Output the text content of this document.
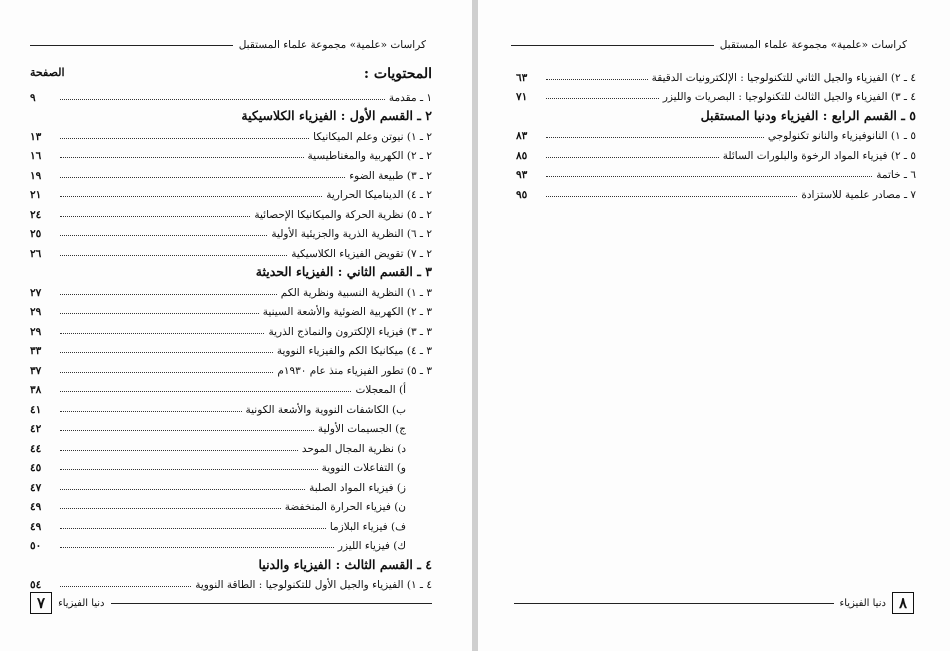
كراسات «علمية» مجموعة علماء المستقبل
المحتويات :
الصفحة
١ ـ مقدمة
٩
٢ ـ القسم الأول : الفيزياء الكلاسيكية
٢ ـ ١) نيوتن وعلم الميكانيكا
١٣
٢ ـ ٢) الكهربية والمغناطيسية
١٦
٢ ـ ٣) طبيعة الضوء
١٩
٢ ـ ٤) الديناميكا الحرارية
٢١
٢ ـ ٥) نظرية الحركة والميكانيكا الإحصائية
٢٤
٢ ـ ٦) النظرية الذرية والجزيئية الأولية
٢٥
٢ ـ ٧) تقويض الفيزياء الكلاسيكية
٢٦
٣ ـ القسم الثاني : الفيزياء الحديثة
٣ ـ ١) النظرية النسبية ونظرية الكم
٢٧
٣ ـ ٢) الكهربية الضوئية والأشعة السينية
٢٩
٣ ـ ٣) فيزياء الإلكترون والنماذج الذرية
٢٩
٣ ـ ٤) ميكانيكا الكم والفيزياء النووية
٣٣
٣ ـ ٥) تطور الفيزياء منذ عام ١٩٣٠م
٣٧
أ) المعجلات
٣٨
ب) الكاشفات النووية والأشعة الكونية
٤١
ج) الجسيمات الأولية
٤٢
د) نظرية المجال الموحد
٤٤
و) التفاعلات النووية
٤٥
ز) فيزياء المواد الصلبة
٤٧
ن) فيزياء الحرارة المنخفضة
٤٩
ف) فيزياء البلازما
٤٩
ك) فيزياء الليزر
٥٠
٤ ـ القسم الثالث : الفيزياء والدنيا
٤ ـ ١) الفيزياء والجيل الأول للتكنولوجيا : الطاقة النووية
٥٤
دنيا الفيزياء
٧
كراسات «علمية» مجموعة علماء المستقبل
٤ ـ ٢) الفيزياء والجيل الثاني للتكنولوجيا : الإلكترونيات الدقيقة
٦٣
٤ ـ ٣) الفيزياء والجيل الثالث للتكنولوجيا : البصريات والليزر
٧١
٥ ـ القسم الرابع : الفيزياء ودنيا المستقبل
٥ ـ ١) النانوفيزياء والنانو تكنولوجي
٨٣
٥ ـ ٢) فيزياء المواد الرخوة والبلورات السائلة
٨٥
٦ ـ خاتمة
٩٣
٧ ـ مصادر علمية للاستزادة
٩٥
٨
دنيا الفيزياء
